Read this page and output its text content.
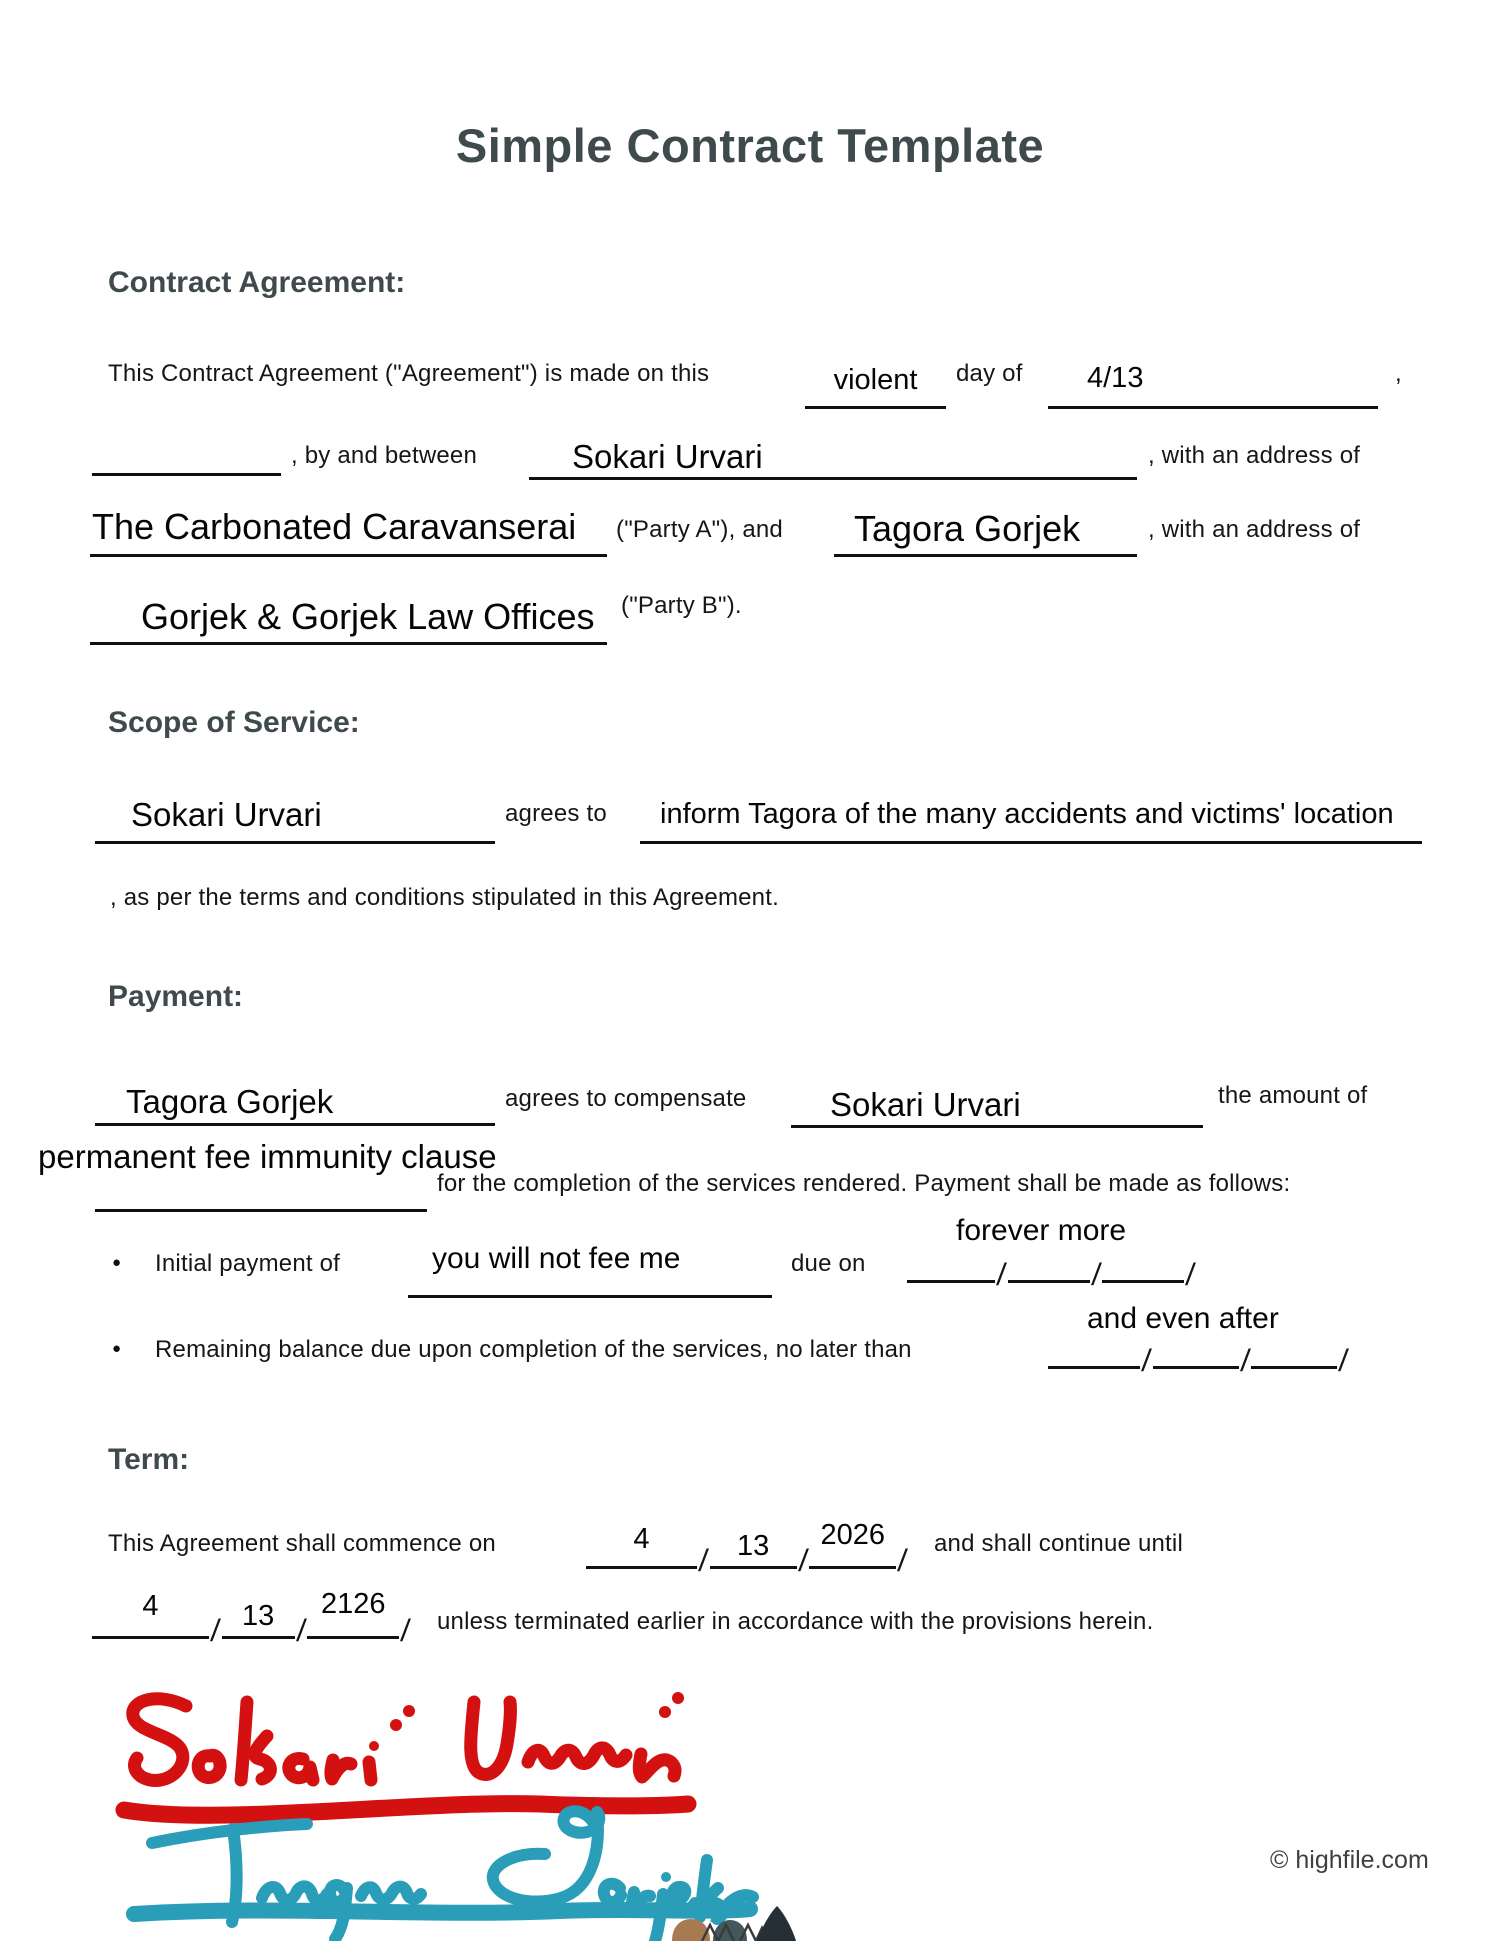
Simple Contract Template
Contract Agreement:
This Contract Agreement ("Agreement") is made on this	violent	day of 4/13	,
, by and between	Sokari Urvari	, with an address of
The Carbonated Caravanserai ("Party A"), and Tagora Gorjek	, with an address of
Gorjek & Gorjek Law Offices ("Party B").
Scope of Service:
Sokari Urvari	agrees to inform Tagora of the many accidents and victims' location
, as per the terms and conditions stipulated in this Agreement.
Payment:
Tagora Gorjek	agrees to compensate	Sokari Urvari	the amount of
permanent fee immunity clause
for the completion of the services rendered. Payment shall be made as follows:
● Initial payment of	you will not fee me	due on
forever more
/	/	/
● Remaining balance due upon completion of the services, no later than
and even after
/	/	/
Term:
This Agreement shall commence on	4
/ 13 /
2026
/ and shall continue until
4
/ 13 /
2126
/ unless terminated earlier in accordance with the provisions herein.
© highfile.com
